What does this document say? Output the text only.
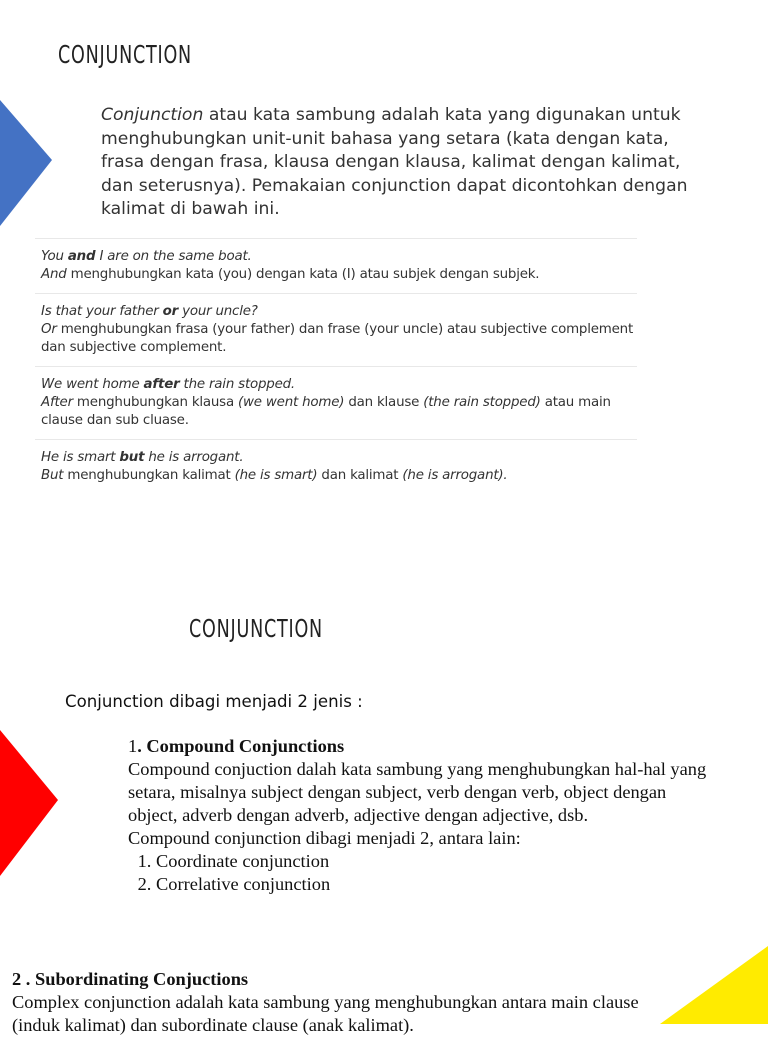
CONJUNCTION
Conjunction atau kata sambung adalah kata yang digunakan untuk menghubungkan unit-unit bahasa yang setara (kata dengan kata, frasa dengan frasa, klausa dengan klausa, kalimat dengan kalimat, dan seterusnya). Pemakaian conjunction dapat dicontohkan dengan kalimat di bawah ini.
You and I are on the same boat.
And menghubungkan kata (you) dengan kata (I) atau subjek dengan subjek.
Is that your father or your uncle?
Or menghubungkan frasa (your father) dan frase (your uncle) atau subjective complement dan subjective complement.
We went home after the rain stopped.
After menghubungkan klausa (we went home) dan klause (the rain stopped) atau main clause dan sub cluase.
He is smart but he is arrogant.
But menghubungkan kalimat (he is smart) dan kalimat (he is arrogant).
CONJUNCTION
Conjunction dibagi menjadi 2 jenis :
1. Compound Conjunctions
Compound conjuction dalah kata sambung yang menghubungkan hal-hal yang setara, misalnya subject dengan subject, verb dengan verb, object dengan object, adverb dengan adverb, adjective dengan adjective, dsb.
Compound conjunction dibagi menjadi 2, antara lain:
1. Coordinate conjunction
2. Correlative conjunction
2 . Subordinating Conjuctions
Complex conjunction adalah kata sambung yang menghubungkan antara main clause (induk kalimat) dan subordinate clause (anak kalimat).
